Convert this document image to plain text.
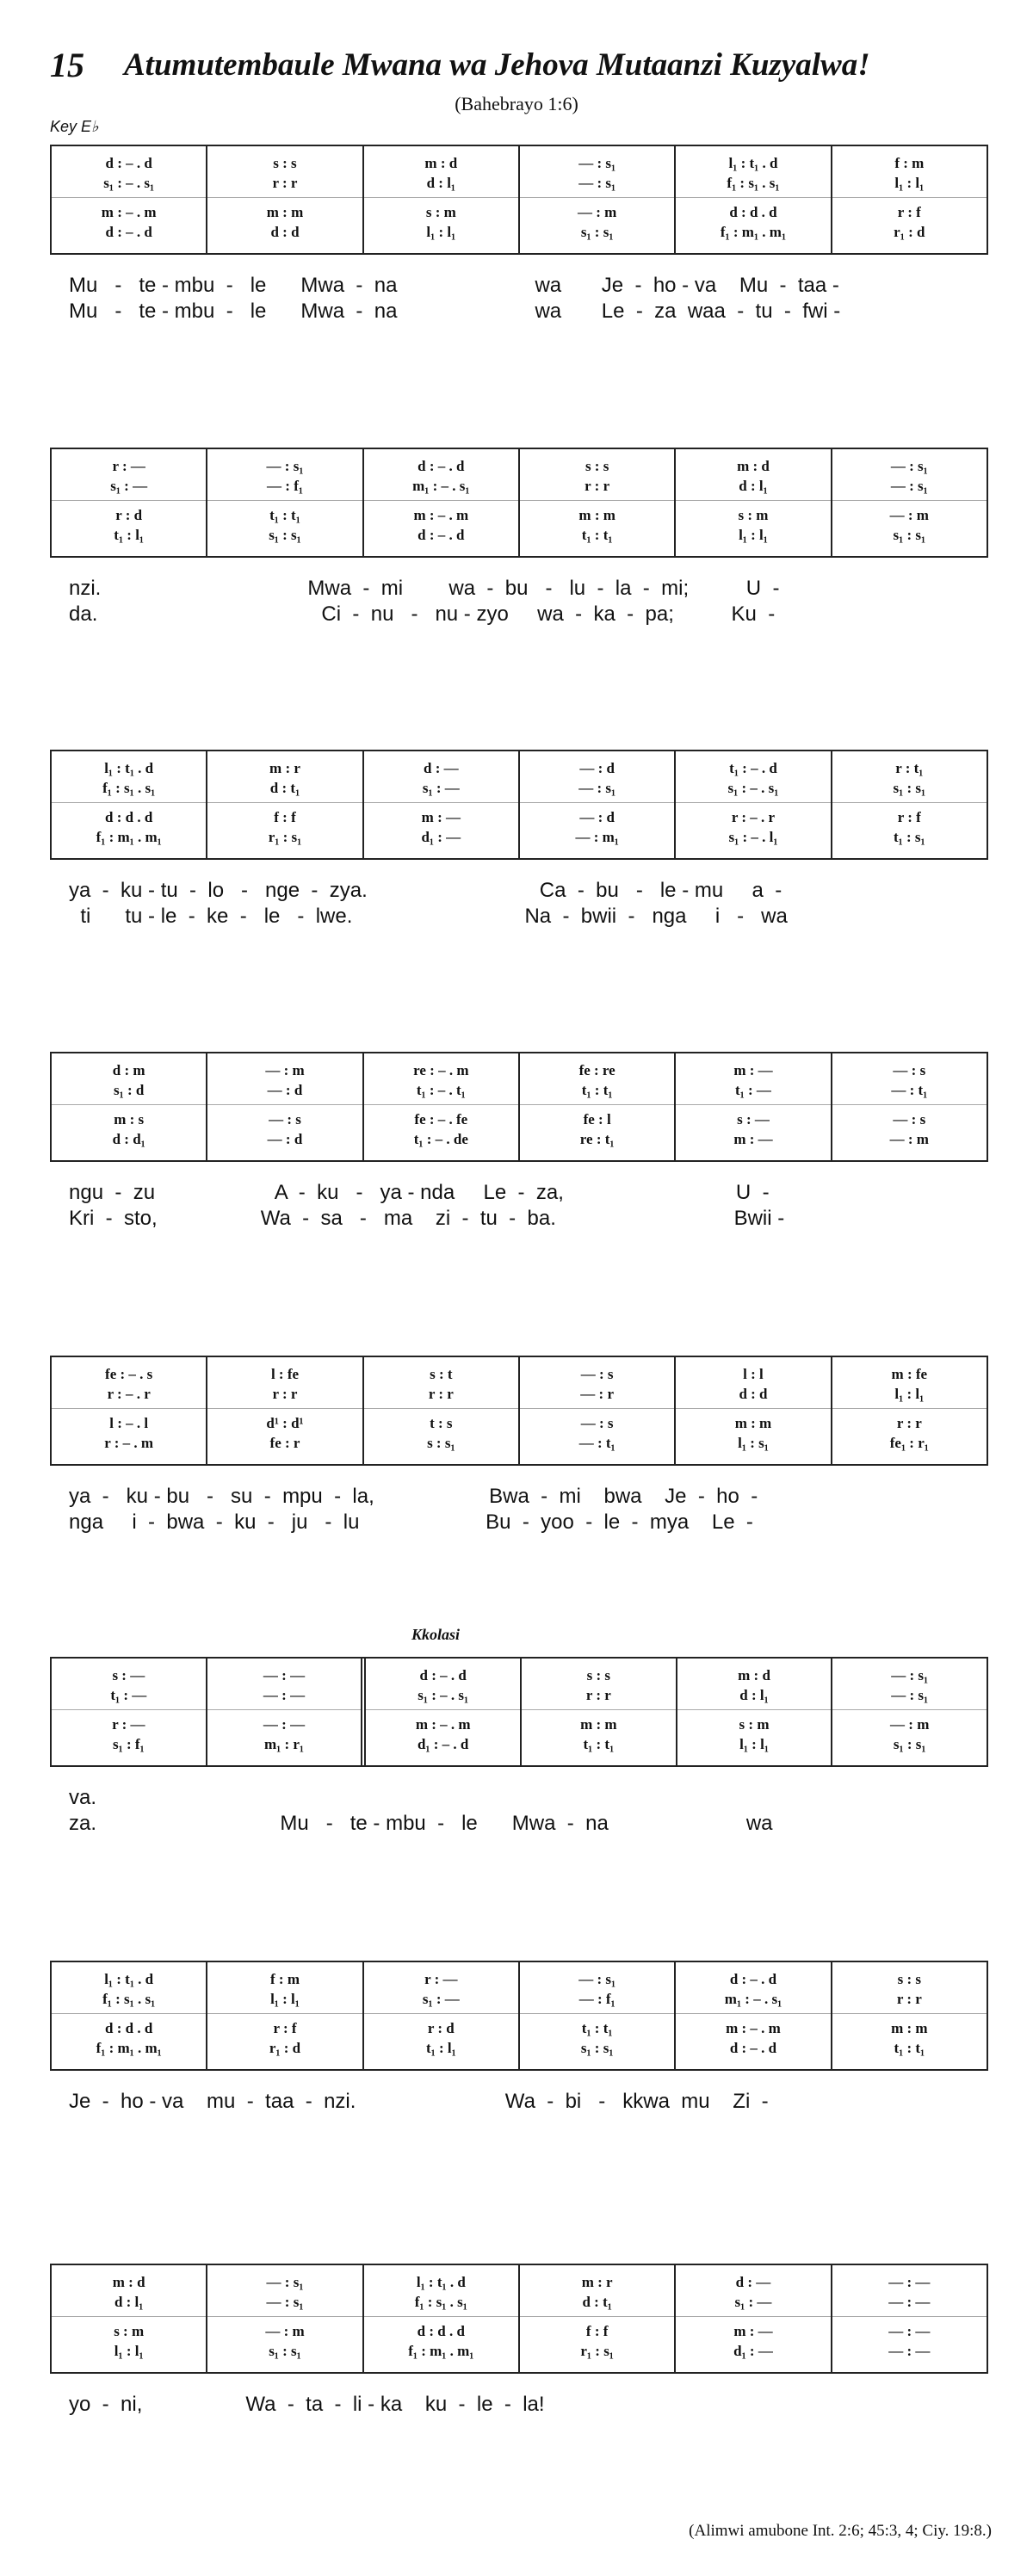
15 Atumutembaule Mwana wa Jehova Mutaanzi Kuzyalwa!
(Bahebrayo 1:6)
Key E♭
d : – . d
s₁ : – . s₁
m : – . m
d : – . d
s : s
r : r
m : m
d : d
m : d
d : l₁
s : m
l₁ : l₁
— : s₁
— : s₁
— : m
s₁ : s₁
l₁ : t₁ . d
f₁ : s₁ . s₁
d : d . d
f₁ : m₁ . m₁
f : m
l₁ : l₁
r : f
r₁ : d
Mu   -   te - mbu  -   le      Mwa  -  na                        wa       Je  -  ho - va    Mu  -  taa -
Mu   -   te - mbu  -   le      Mwa  -  na                        wa       Le  -  za  waa  -  tu  -  fwi -
r : —
s₁ : —
r : d
t₁ : l₁
— : s₁
— : f₁
t₁ : t₁
s₁ : s₁
d : – . d
m₁ : – . s₁
m : – . m
d : – . d
s : s
r : r
m : m
t₁ : t₁
m : d
d : l₁
s : m
l₁ : l₁
— : s₁
— : s₁
— : m
s₁ : s₁
nzi.                                    Mwa  -  mi        wa  -  bu   -   lu  -  la  -  mi;          U  -
da.                                       Ci  -  nu   -   nu - zyo     wa  -  ka  -  pa;          Ku  -
l₁ : t₁ . d
f₁ : s₁ . s₁
d : d . d
f₁ : m₁ . m₁
m : r
d : t₁
f : f
r₁ : s₁
d : —
s₁ : —
m : —
d₁ : —
— : d
— : s₁
— : d
— : m₁
t₁ : – . d
s₁ : – . s₁
r : – . r
s₁ : – . l₁
r : t₁
s₁ : s₁
r : f
t₁ : s₁
ya  -  ku - tu  -  lo   -   nge  -  zya.                              Ca  -  bu   -   le - mu     a  -
ti      tu - le  -  ke  -   le   -  lwe.                              Na  -  bwii  -   nga     i   -   wa
d : m
s₁ : d
m : s
d : d₁
— : m
— : d
— : s
— : d
re : – . m
t₁ : – . t₁
fe : – . fe
t₁ : – . de
fe : re
t₁ : t₁
fe : l
re : t₁
m : —
t₁ : —
s : —
m : —
— : s
— : t₁
— : s
— : m
ngu  -  zu                     A  -  ku   -   ya - nda     Le  -  za,                              U  -
Kri  -  sto,                  Wa  -  sa   -   ma    zi  -  tu  -  ba.                               Bwii -
fe : – . s
r : – . r
l : – . l
r : – . m
l : fe
r : r
d¹ : d¹
fe : r
s : t
r : r
t : s
s : s₁
— : s
— : r
— : s
— : t₁
l : l
d : d
m : m
l₁ : s₁
m : fe
l₁ : l₁
r : r
fe₁ : r₁
ya  -   ku - bu   -   su  -  mpu  -  la,                    Bwa  -  mi    bwa    Je  -  ho  -
nga     i  -  bwa  -  ku  -   ju   -  lu                      Bu  -  yoo  -  le  -  mya    Le  -
Kkolasi
s : —
t₁ : —
r : —
s₁ : f₁
— : —
— : —
— : —
m₁ : r₁
d : – . d
s₁ : – . s₁
m : – . m
d₁ : – . d
s : s
r : r
m : m
t₁ : t₁
m : d
d : l₁
s : m
l₁ : l₁
— : s₁
— : s₁
— : m
s₁ : s₁
va.
za.                                Mu   -   te - mbu  -   le      Mwa  -  na                        wa
l₁ : t₁ . d
f₁ : s₁ . s₁
d : d . d
f₁ : m₁ . m₁
f : m
l₁ : l₁
r : f
r₁ : d
r : —
s₁ : —
r : d
t₁ : l₁
— : s₁
— : f₁
t₁ : t₁
s₁ : s₁
d : – . d
m₁ : – . s₁
m : – . m
d : – . d
s : s
r : r
m : m
t₁ : t₁
Je  -  ho - va    mu  -  taa  -  nzi.                          Wa  -  bi   -   kkwa  mu    Zi  -
m : d
d : l₁
s : m
l₁ : l₁
— : s₁
— : s₁
— : m
s₁ : s₁
l₁ : t₁ . d
f₁ : s₁ . s₁
d : d . d
f₁ : m₁ . m₁
m : r
d : t₁
f : f
r₁ : s₁
d : —
s₁ : —
m : —
d₁ : —
— : —
— : —
— : —
— : —
yo  -  ni,                  Wa  -  ta  -  li - ka    ku  -  le  -  la!
(Alimwi amubone Int. 2:6; 45:3, 4; Ciy. 19:8.)
